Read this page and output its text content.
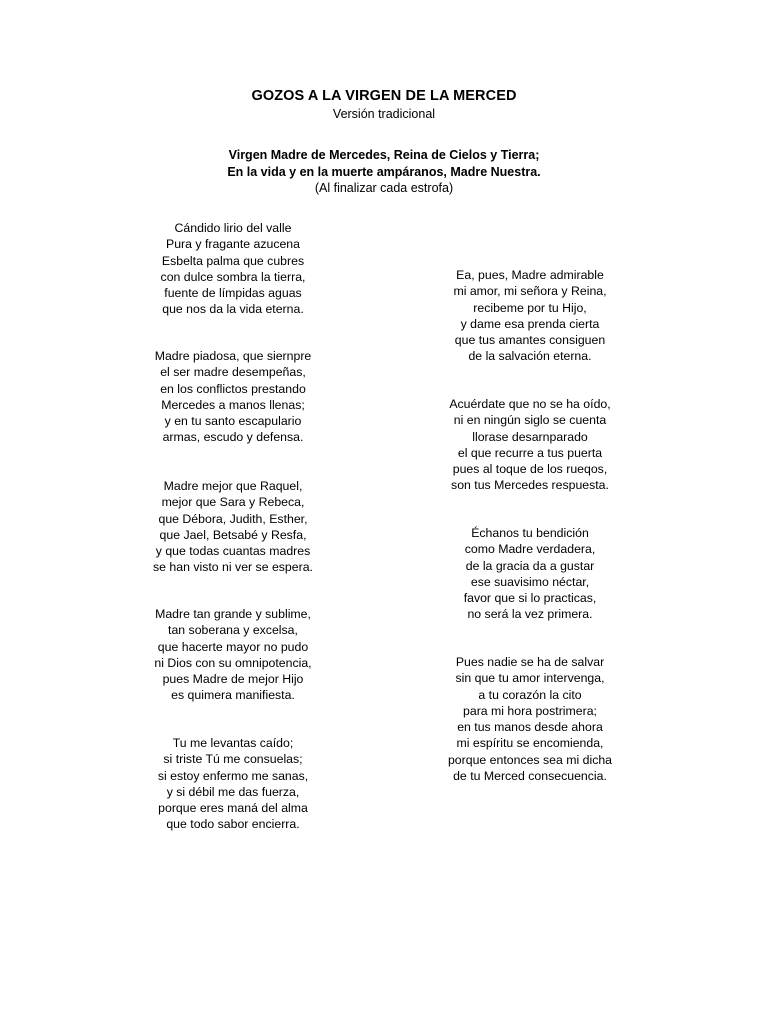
GOZOS A LA VIRGEN DE LA MERCED
Versión tradicional
Virgen Madre de Mercedes, Reina de Cielos y Tierra;
En la vida y en la muerte ampáranos, Madre Nuestra.
(Al finalizar cada estrofa)
Cándido lirio del valle
Pura y fragante azucena
Esbelta palma que cubres
con dulce sombra la tierra,
fuente de límpidas aguas
que nos da la vida eterna.
Madre piadosa, que siernpre
el ser madre desempeñas,
en los conflictos prestando
Mercedes a manos llenas;
y en tu santo escapulario
armas, escudo y defensa.
Madre mejor que Raquel,
mejor que Sara y Rebeca,
que Débora, Judith, Esther,
que Jael, Betsabé y Resfa,
y que todas cuantas madres
se han visto ni ver se espera.
Madre tan grande y sublime,
tan soberana y excelsa,
que hacerte mayor no pudo
ni Dios con su omnipotencia,
pues Madre de mejor Hijo
es quimera manifiesta.
Tu me levantas caído;
si triste Tú me consuelas;
si estoy enfermo me sanas,
y si débil me das fuerza,
porque eres maná del alma
que todo sabor encierra.
Ea, pues, Madre admirable
mi amor, mi señora y Reina,
recibeme por tu Hijo,
y dame esa prenda cierta
que tus amantes consiguen
de la salvación eterna.
Acuérdate que no se ha oído,
ni en ningún siglo se cuenta
llorase desarnparado
el que recurre a tus puerta
pues al toque de los rueqos,
son tus Mercedes respuesta.
Échanos tu bendición
como Madre verdadera,
de la gracia da a gustar
ese suavisimo néctar,
favor que si lo practicas,
no será la vez primera.
Pues nadie se ha de salvar
sin que tu amor intervenga,
a tu corazón la cito
para mi hora postrimera;
en tus manos desde ahora
mi espíritu se encomienda,
porque entonces sea mi dicha
de tu Merced consecuencia.
